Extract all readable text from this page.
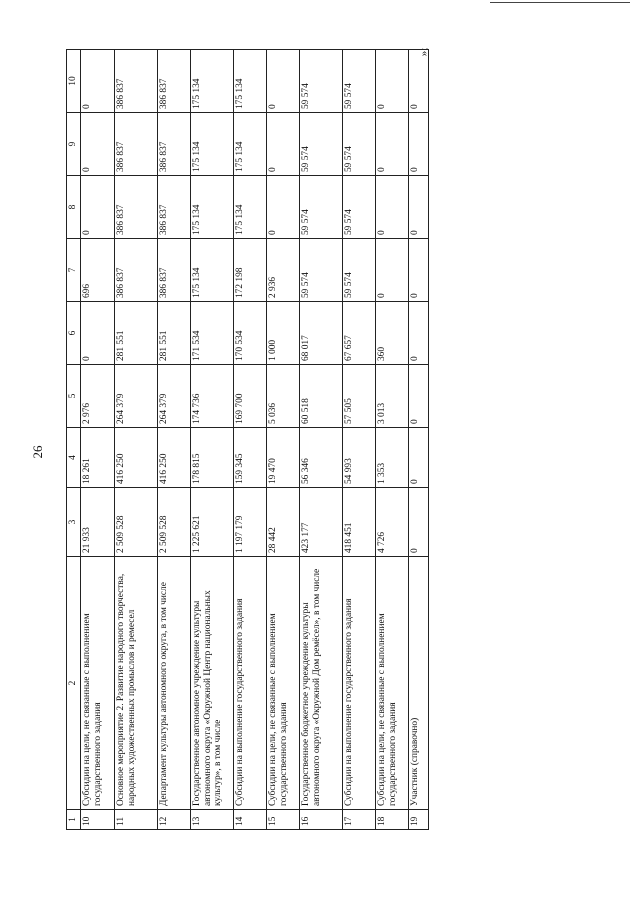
26
»;
1	2	3	4	5	6	7	8	9	10
10	Субсидии на цели, не связанные с выполнением государственного задания	21 933	18 261	2 976	0	696	0	0	0
11	Основное мероприятие 2. Развитие народного творчества, народных художественных промыслов и ремесел	2 509 528	416 250	264 379	281 551	386 837	386 837	386 837	386 837
12	Департамент культуры автономного округа, в том числе	2 509 528	416 250	264 379	281 551	386 837	386 837	386 837	386 837
13	Государственное автономное учреждение культуры автономного округа «Окружной Центр национальных культур», в том числе	1 225 621	178 815	174 736	171 534	175 134	175 134	175 134	175 134
14	Субсидии на выполнение государственного задания	1 197 179	159 345	169 700	170 534	172 198	175 134	175 134	175 134
15	Субсидии на цели, не связанные с выполнением государственного задания	28 442	19 470	5 036	1 000	2 936	0	0	0
16	Государственное бюджетное учреждение культуры автономного округа «Окружной Дом ремёсел», в том числе	423 177	56 346	60 518	68 017	59 574	59 574	59 574	59 574
17	Субсидии на выполнение государственного задания	418 451	54 993	57 505	67 657	59 574	59 574	59 574	59 574
18	Субсидии на цели, не связанные с выполнением государственного задания	4 726	1 353	3 013	360	0	0	0	0
19	Участник (справочно)	0	0	0	0	0	0	0	0
